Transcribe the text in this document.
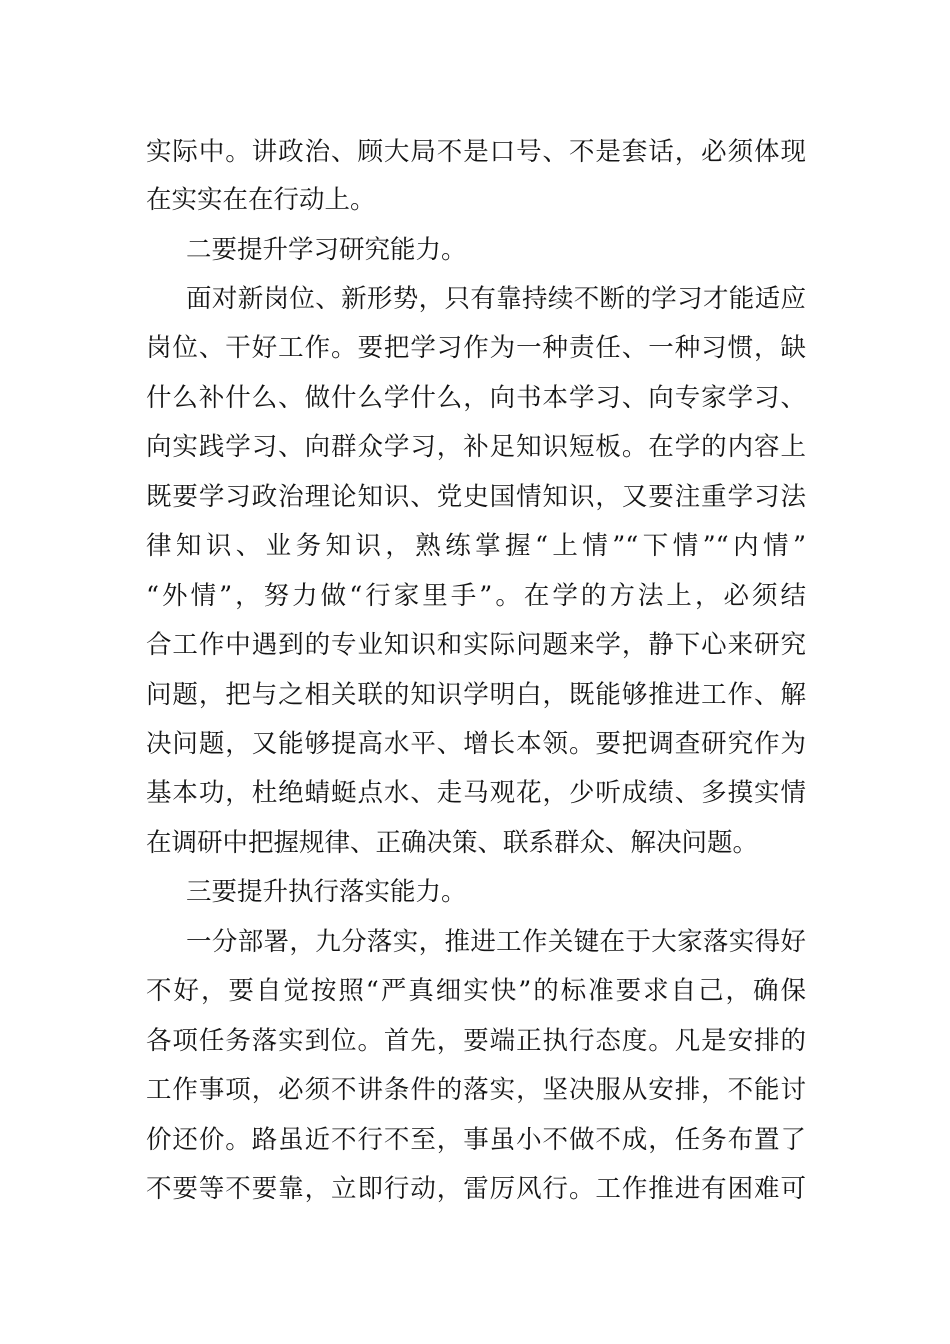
实际中。讲政治、顾大局不是口号、不是套话，必须体现
在实实在在行动上。
二要提升学习研究能力。
面对新岗位、新形势，只有靠持续不断的学习才能适应
岗位、干好工作。要把学习作为一种责任、一种习惯，缺
什么补什么、做什么学什么，向书本学习、向专家学习、
向实践学习、向群众学习，补足知识短板。在学的内容上
既要学习政治理论知识、党史国情知识，又要注重学习法
律知识、业务知识，熟练掌握“上情”“下情”“内情”
“外情”，努力做“行家里手”。在学的方法上，必须结
合工作中遇到的专业知识和实际问题来学，静下心来研究
问题，把与之相关联的知识学明白，既能够推进工作、解
决问题，又能够提高水平、增长本领。要把调查研究作为
基本功，杜绝蜻蜓点水、走马观花，少听成绩、多摸实情
在调研中把握规律、正确决策、联系群众、解决问题。
三要提升执行落实能力。
一分部署，九分落实，推进工作关键在于大家落实得好
不好，要自觉按照“严真细实快”的标准要求自己，确保
各项任务落实到位。首先，要端正执行态度。凡是安排的
工作事项，必须不讲条件的落实，坚决服从安排，不能讨
价还价。路虽近不行不至，事虽小不做不成，任务布置了
不要等不要靠，立即行动，雷厉风行。工作推进有困难可
